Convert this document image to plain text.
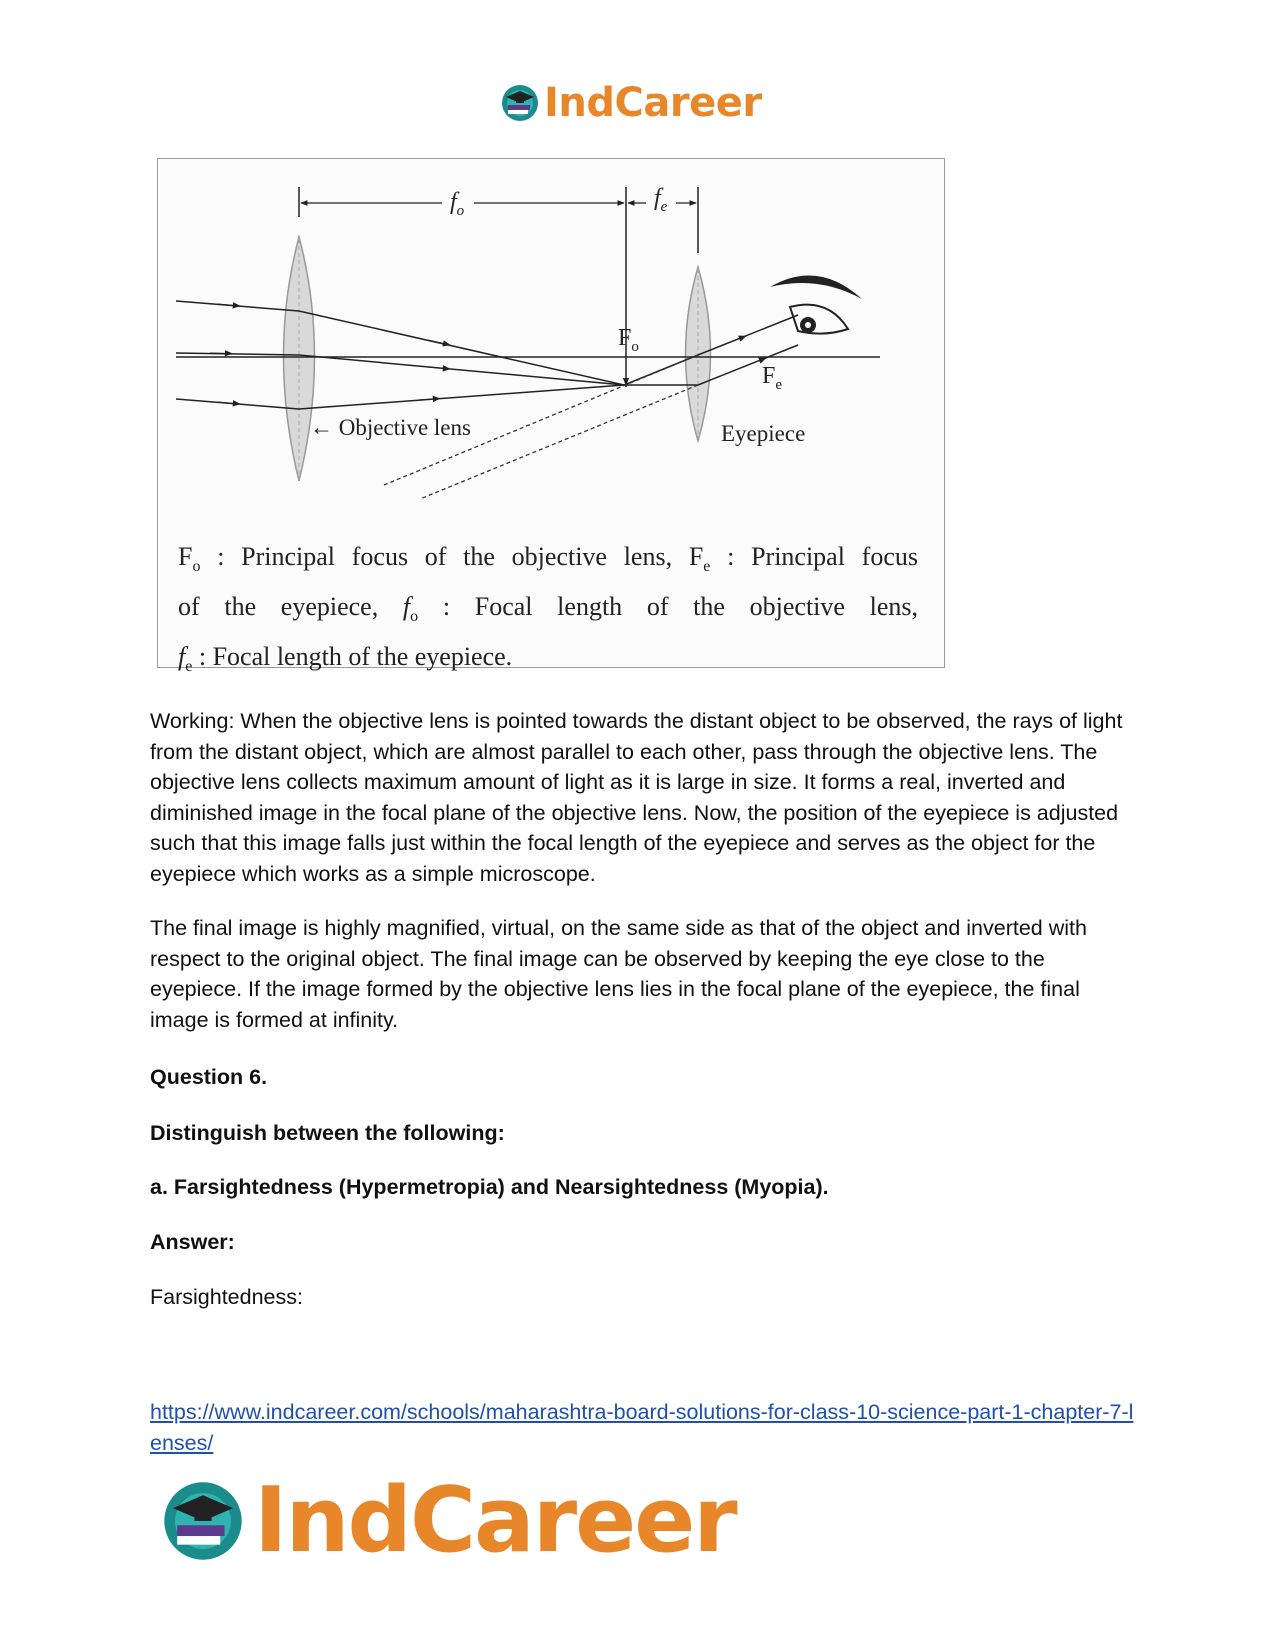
IndCareer
$f_o$	$f_e$
$F_o$
$F_e$
← Objective lens	Eyepiece
$F_o$ : Principal focus of the objective lens, $F_e$ : Principal focus
of the eyepiece, $f_o$ : Focal length of the objective lens,
$f_e$ : Focal length of the eyepiece.

Working: When the objective lens is pointed towards the distant object to be observed, the rays of light from the distant object, which are almost parallel to each other, pass through the objective lens. The objective lens collects maximum amount of light as it is large in size. It forms a real, inverted and diminished image in the focal plane of the objective lens. Now, the position of the eyepiece is adjusted such that this image falls just within the focal length of the eyepiece and serves as the object for the eyepiece which works as a simple microscope.

The final image is highly magnified, virtual, on the same side as that of the object and inverted with respect to the original object. The final image can be observed by keeping the eye close to the eyepiece. If the image formed by the objective lens lies in the focal plane of the eyepiece, the final image is formed at infinity.

Question 6.
Distinguish between the following:
a. Farsightedness (Hypermetropia) and Nearsightedness (Myopia).
Answer:
Farsightedness:
https://www.indcareer.com/schools/maharashtra-board-solutions-for-class-10-science-part-1-chapter-7-lenses/
IndCareer
